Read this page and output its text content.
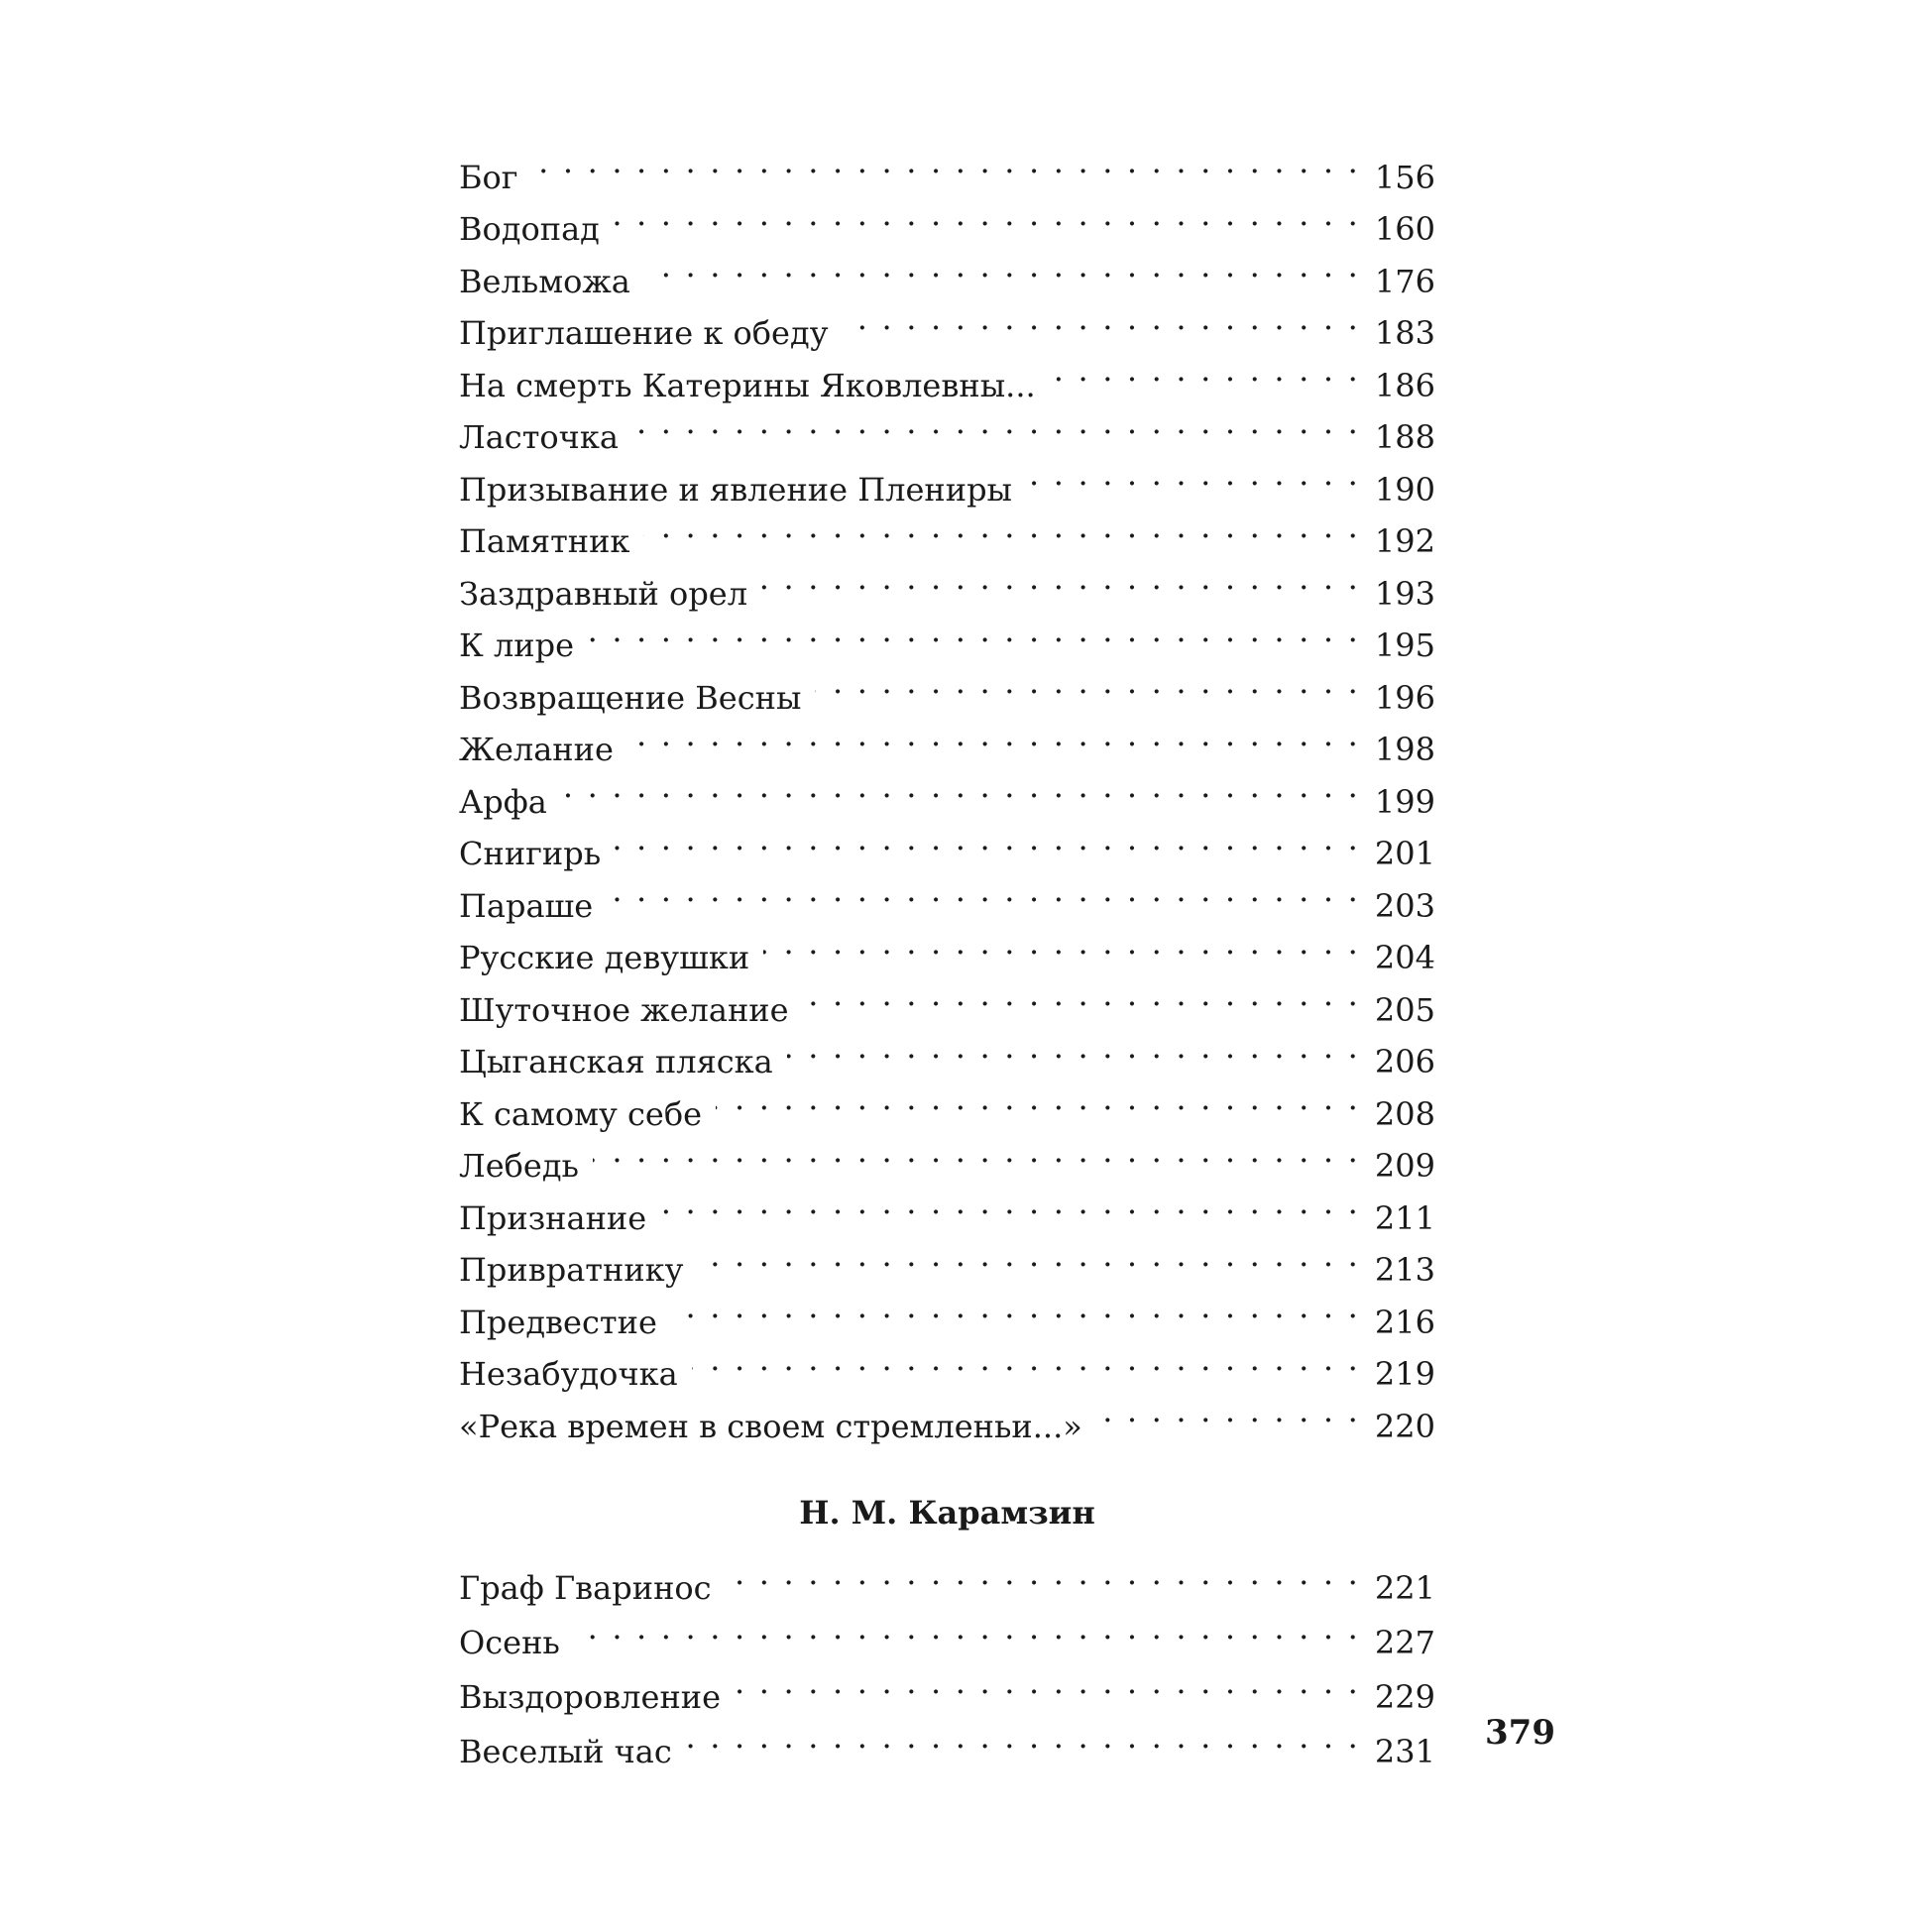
Бог . . .	156
Водопад . . .	160
Вельможа . . .	176
Приглашение к обеду . . .	183
На смерть Катерины Яковлевны... . . .	186
Ласточка . . .	188
Призывание и явление Плениры . . .	190
Памятник . . .	192
Заздравный орел . . .	193
К лире . . .	195
Возвращение Весны . . .	196
Желание . . .	198
Арфа . . .	199
Снигирь . . .	201
Параше . . .	203
Русские девушки . . .	204
Шуточное желание . . .	205
Цыганская пляска . . .	206
К самому себе . . .	208
Лебедь . . .	209
Признание . . .	211
Привратнику . . .	213
Предвестие . . .	216
Незабудочка . . .	219
«Река времен в своем стремленьи...» . . .	220
Н. М. Карамзин
Граф Гваринос . . .	221
Осень . . .	227
Выздоровление . . .	229
Веселый час . . .	231 379
